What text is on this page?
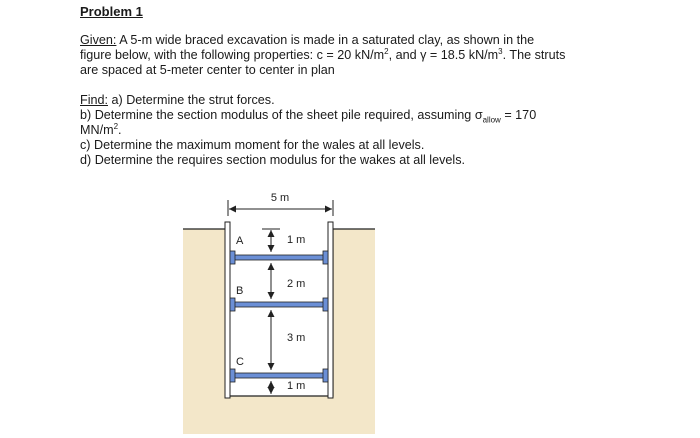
Problem 1

Given: A 5-m wide braced excavation is made in a saturated clay, as shown in the
figure below, with the following properties: c = 20 $kN/m^2$, and γ = 18.5 $kN/m^3$. The struts
are spaced at 5-meter center to center in plan

Find: a) Determine the strut forces.
b) Determine the section modulus of the sheet pile required, assuming $\sigma_{allow} = 170$
$MN/m^2$.
c) Determine the maximum moment for the wales at all levels.
d) Determine the requires section modulus for the wakes at all levels.

5 m
1 m
2 m
3 m
1 m
A
B
C
